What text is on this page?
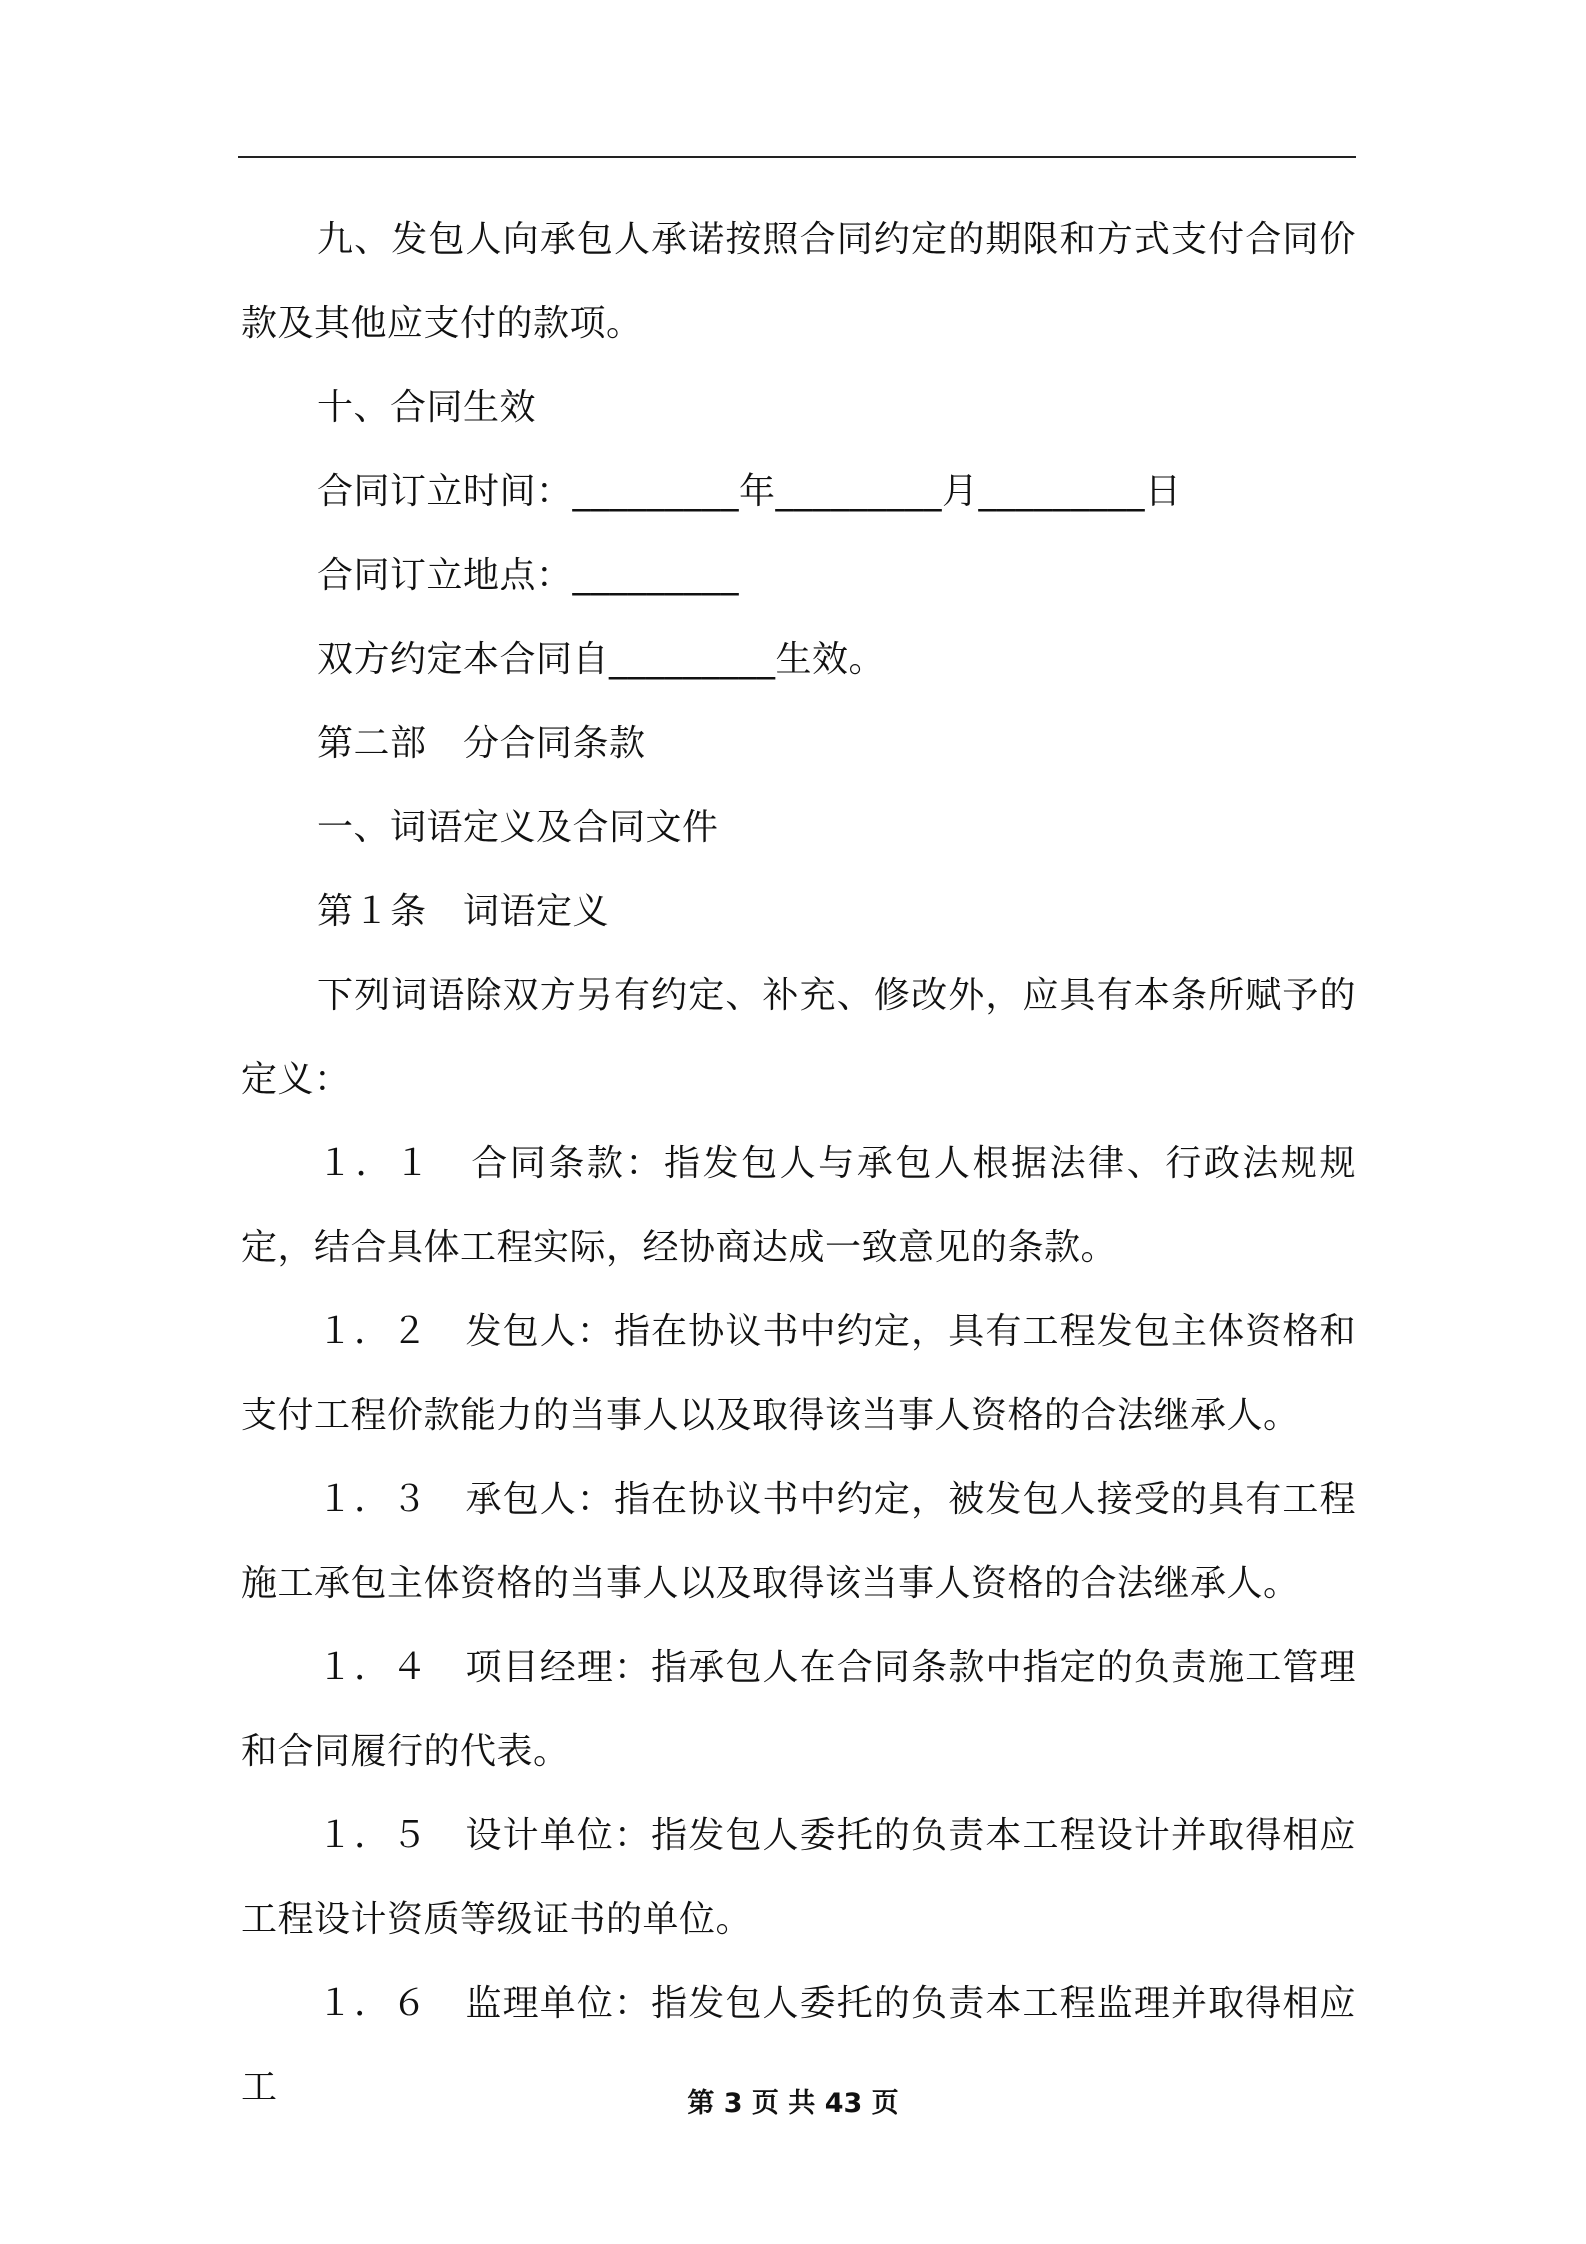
九、发包人向承包人承诺按照合同约定的期限和方式支付合同价款及其他应支付的款项。

十、合同生效

合同订立时间：_________年_________月_________日

合同订立地点：_________

双方约定本合同自_________生效。

第二部　分合同条款

一、词语定义及合同文件

第１条　词语定义

下列词语除双方另有约定、补充、修改外，应具有本条所赋予的定义：

１．１　合同条款：指发包人与承包人根据法律、行政法规规定，结合具体工程实际，经协商达成一致意见的条款。

１．２　发包人：指在协议书中约定，具有工程发包主体资格和支付工程价款能力的当事人以及取得该当事人资格的合法继承人。

１．３　承包人：指在协议书中约定，被发包人接受的具有工程施工承包主体资格的当事人以及取得该当事人资格的合法继承人。

１．４　项目经理：指承包人在合同条款中指定的负责施工管理和合同履行的代表。

１．５　设计单位：指发包人委托的负责本工程设计并取得相应工程设计资质等级证书的单位。

１．６　监理单位：指发包人委托的负责本工程监理并取得相应工	第 3 页 共 43 页
